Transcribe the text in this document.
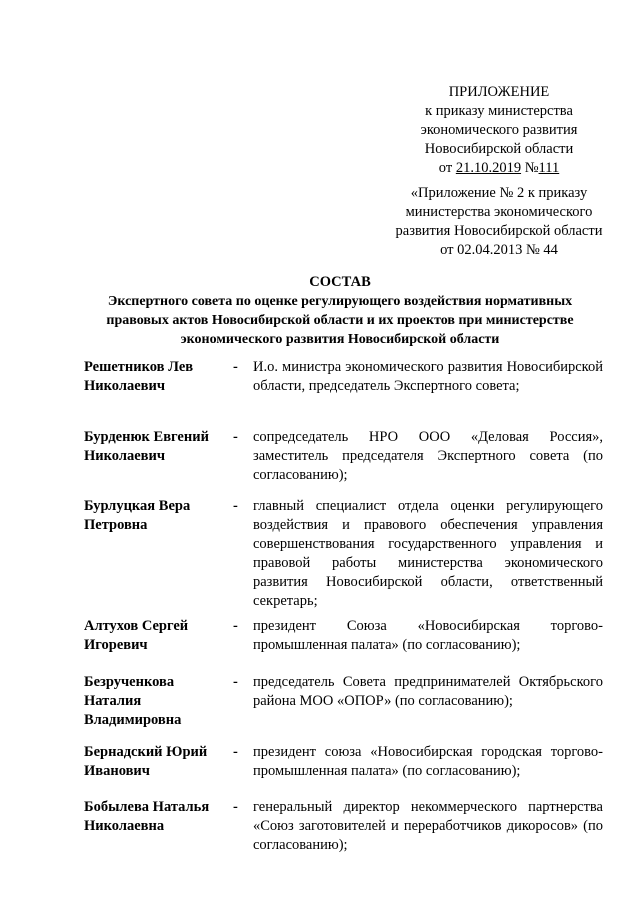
ПРИЛОЖЕНИЕ
к приказу министерства
экономического развития
Новосибирской области
от 21.10.2019 №111
«Приложение № 2 к приказу
министерства экономического
развития Новосибирской области
от 02.04.2013 № 44
СОСТАВ
Экспертного совета по оценке регулирующего воздействия нормативных
правовых актов Новосибирской области и их проектов при министерстве
экономического развития Новосибирской области
Решетников Лев
Николаевич
-	И.о. министра экономического развития Новосибирской области, председатель Экспертного совета;
Бурденюк Евгений
Николаевич
-	сопредседатель НРО ООО «Деловая Россия», заместитель председателя Экспертного совета (по согласованию);
Бурлуцкая Вера
Петровна
-	главный специалист отдела оценки регулирующего воздействия и правового обеспечения управления совершенствования государственного управления и правовой работы министерства экономического развития Новосибирской области, ответственный секретарь;
Алтухов Сергей
Игоревич
-	президент Союза «Новосибирская торгово-промышленная палата» (по согласованию);
Безрученкова
Наталия
Владимировна
-	председатель Совета предпринимателей Октябрьского района МОО «ОПОР» (по согласованию);
Бернадский Юрий
Иванович
-	президент союза «Новосибирская городская торгово-промышленная палата» (по согласованию);
Бобылева Наталья
Николаевна
-	генеральный директор некоммерческого партнерства «Союз заготовителей и переработчиков дикоросов» (по согласованию);
